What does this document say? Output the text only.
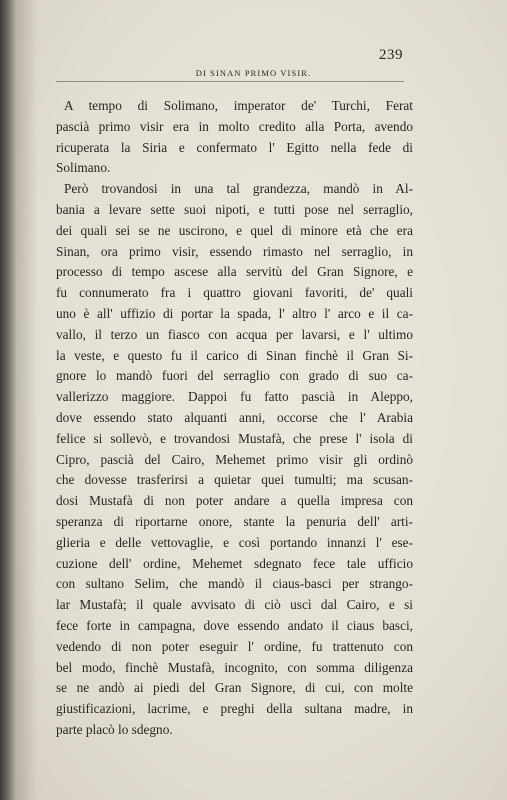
239
DI SINAN PRIMO VISIR.
A tempo di Solimano, imperator de' Turchi, Ferat
pascià primo visir era in molto credito alla Porta, avendo
ricuperata la Siria e confermato l' Egitto nella fede di
Solimano.
Però trovandosi in una tal grandezza, mandò in Al-
bania a levare sette suoi nipoti, e tutti pose nel serraglio,
dei quali sei se ne uscirono, e quel di minore età che era
Sinan, ora primo visir, essendo rimasto nel serraglio, in
processo di tempo ascese alla servitù del Gran Signore, e
fu connumerato fra i quattro giovani favoriti, de' quali
uno è all' uffizio di portar la spada, l' altro l' arco e il ca-
vallo, il terzo un fiasco con acqua per lavarsi, e l' ultimo
la veste, e questo fu il carico di Sinan finchè il Gran Si-
gnore lo mandò fuori del serraglio con grado di suo ca-
vallerizzo maggiore. Dappoi fu fatto pascià in Aleppo,
dove essendo stato alquanti anni, occorse che l' Arabia
felice si sollevò, e trovandosi Mustafà, che prese l' isola di
Cipro, pascià del Cairo, Mehemet primo visir gli ordinò
che dovesse trasferirsi a quietar quei tumulti; ma scusan-
dosi Mustafà di non poter andare a quella impresa con
speranza di riportarne onore, stante la penuria dell' arti-
glieria e delle vettovaglie, e così portando innanzi l' ese-
cuzione dell' ordine, Mehemet sdegnato fece tale ufficio
con sultano Selim, che mandò il ciaus-basci per strango-
lar Mustafà; il quale avvisato di ciò uscì dal Cairo, e si
fece forte in campagna, dove essendo andato il ciaus basci,
vedendo di non poter eseguir l' ordine, fu trattenuto con
bel modo, finchè Mustafà, incognito, con somma diligenza
se ne andò ai piedi del Gran Signore, di cui, con molte
giustificazioni, lacrime, e preghi della sultana madre, in
parte placò lo sdegno.
